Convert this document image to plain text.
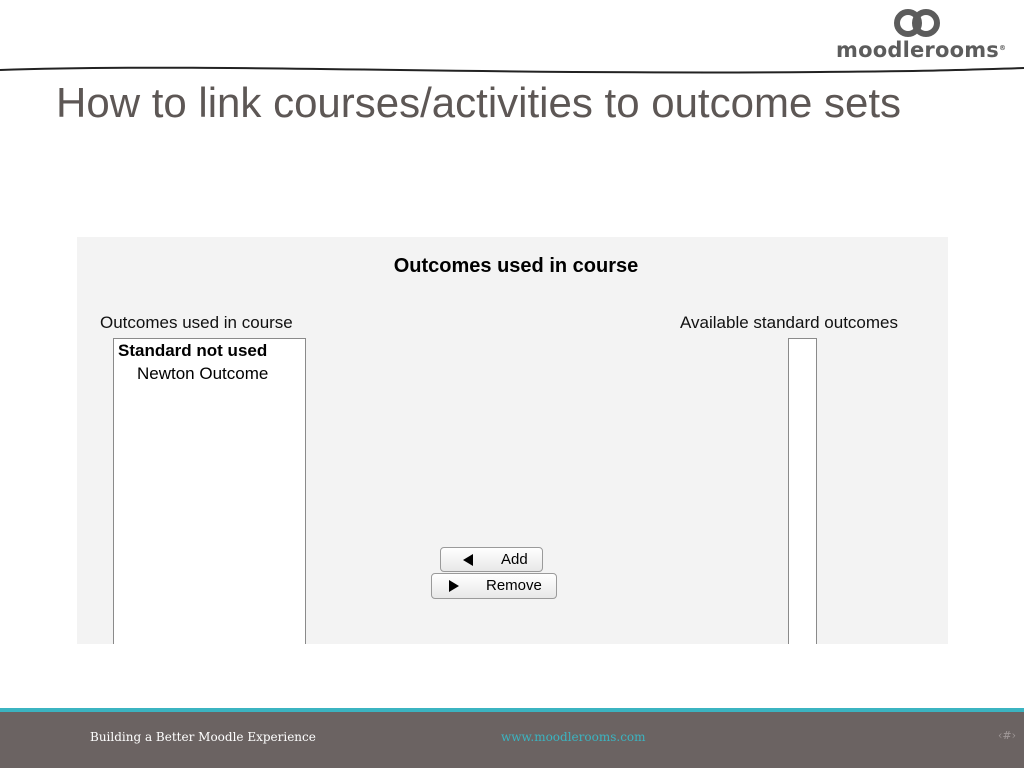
moodlerooms®
How to link courses/activities to outcome sets
Outcomes used in course
Outcomes used in course	Available standard outcomes
Standard not used
Newton Outcome
Add
Remove
Building a Better Moodle Experience	www.moodlerooms.com	‹#›
